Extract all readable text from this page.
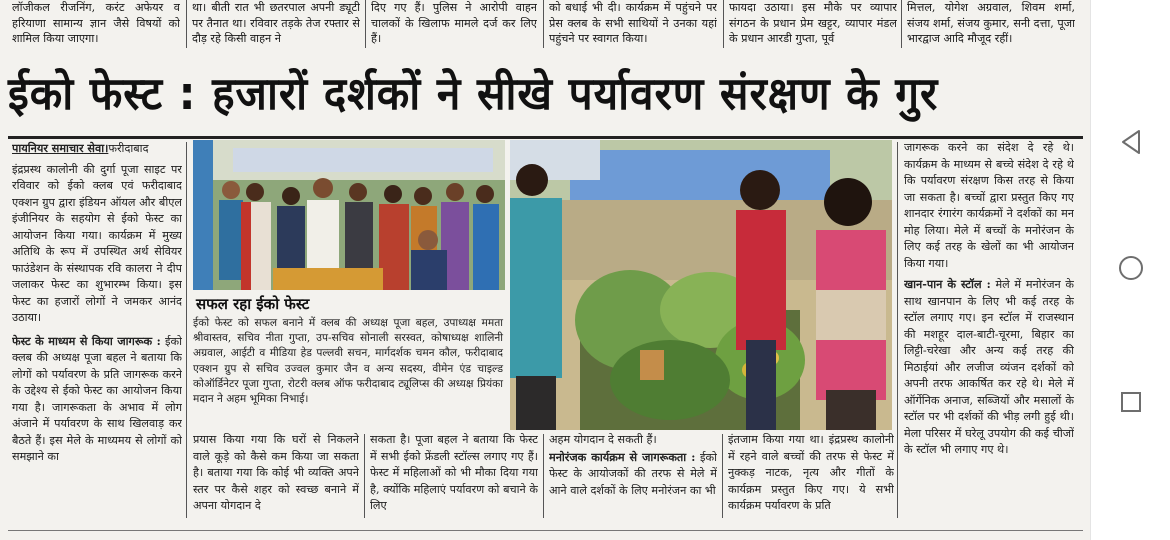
लॉजीकल रीजनिंग, करंट अफेयर व हरियाणा सामान्य ज्ञान जैसे विषयों को शामिल किया जाएगा।
था। बीती रात भी छतरपाल अपनी ड्यूटी पर तैनात था। रविवार तड़के तेज रफ्तार से दौड़ रहे किसी वाहन ने
दिए गए हैं। पुलिस ने आरोपी वाहन चालकों के खिलाफ मामले दर्ज कर लिए हैं।
को बधाई भी दी। कार्यक्रम में पहुंचने पर प्रेस क्लब के सभी साथियों ने उनका यहां पहुंचने पर स्वागत किया।
फायदा उठाया। इस मौके पर व्यापार संगठन के प्रधान प्रेम खट्टर, व्यापार मंडल के प्रधान आरडी गुप्ता, पूर्व
मित्तल, योगेश अग्रवाल, शिवम शर्मा, संजय शर्मा, संजय कुमार, सनी दत्ता, पूजा भारद्वाज आदि मौजूद रहीं।
ईको फेस्ट : हजारों दर्शकों ने सीखे पर्यावरण संरक्षण के गुर

पायनियर समाचार सेवा।फरीदाबाद

इंद्रप्रस्थ कालोनी की दुर्गा पूजा साइट पर रविवार को ईको क्लब एवं फरीदाबाद एक्शन ग्रुप द्वारा इंडियन ऑयल और बीएल इंजीनियर के सहयोग से ईको फेस्ट का आयोजन किया गया। कार्यक्रम में मुख्य अतिथि के रूप में उपस्थित अर्थ सेवियर फाउंडेशन के संस्थापक रवि कालरा ने दीप जलाकर फेस्ट का शुभारम्भ किया। इस फेस्ट का हजारों लोगों ने जमकर आनंद उठाया।

फेस्ट के माध्यम से किया जागरूक : ईको क्लब की अध्यक्ष पूजा बहल ने बताया कि लोगों को पर्यावरण के प्रति जागरूक करने के उद्देश्य से ईको फेस्ट का आयोजन किया गया है। जागरूकता के अभाव में लोग अंजाने में पर्यावरण के साथ खिलवाड़ कर बैठते हैं। इस मेले के माध्यमय से लोगों को समझाने का

सफल रहा ईको फेस्ट
ईको फेस्ट को सफल बनाने में क्लब की अध्यक्ष पूजा बहल, उपाध्यक्ष ममता श्रीवास्तव, सचिव नीता गुप्ता, उप-सचिव सोनाली सरस्वत, कोषाध्यक्ष शालिनी अग्रवाल, आईटी व मीडिया हेड पल्लवी सचन, मार्गदर्शक चमन कौल, फरीदाबाद एक्शन ग्रुप से सचिव उज्वल कुमार जैन व अन्य सदस्य, वीमेन एंड चाइल्ड कोऑर्डिनेटर पूजा गुप्ता, रोटरी क्लब ऑफ फरीदाबाद ट्यूलिप्स की अध्यक्ष प्रियंका मदान ने अहम भूमिका निभाई।

प्रयास किया गया कि घरों से निकलने वाले कूड़े को कैसे कम किया जा सकता है। बताया गया कि कोई भी व्यक्ति अपने स्तर पर कैसे शहर को स्वच्छ बनाने में अपना योगदान दे

सकता है। पूजा बहल ने बताया कि फेस्ट में सभी ईको फ्रेंडली स्टॉल्स लगाए गए हैं। फेस्ट में महिलाओं को भी मौका दिया गया है, क्योंकि महिलाएं पर्यावरण को बचाने के लिए

अहम योगदान दे सकती हैं।

मनोरंजक कार्यक्रम से जागरूकता : ईको फेस्ट के आयोजकों की तरफ से मेले में आने वाले दर्शकों के लिए मनोरंजन का भी

इंतजाम किया गया था। इंद्रप्रस्थ कालोनी में रहने वाले बच्चों की तरफ से फेस्ट में नुक्कड़ नाटक, नृत्य और गीतों के कार्यक्रम प्रस्तुत किए गए। ये सभी कार्यक्रम पर्यावरण के प्रति

जागरूक करने का संदेश दे रहे थे। कार्यक्रम के माध्यम से बच्चे संदेश दे रहे थे कि पर्यावरण संरक्षण किस तरह से किया जा सकता है। बच्चों द्वारा प्रस्तुत किए गए शानदार रंगारंग कार्यक्रमों ने दर्शकों का मन मोह लिया। मेले में बच्चों के मनोरंजन के लिए कई तरह के खेलों का भी आयोजन किया गया।

खान-पान के स्टॉल : मेले में मनोरंजन के साथ खानपान के लिए भी कई तरह के स्टॉल लगाए गए। इन स्टॉल में राजस्थान की मशहूर दाल-बाटी-चूरमा, बिहार का लिट्टी-चरेखा और अन्य कई तरह की मिठाईयां और लजीज व्यंजन दर्शकों को अपनी तरफ आकर्षित कर रहे थे। मेले में ऑर्गेनिक अनाज, सब्जियों और मसालों के स्टॉल पर भी दर्शकों की भीड़ लगी हुई थी। मेला परिसर में घरेलू उपयोग की कई चीजों के स्टॉल भी लगाए गए थे।
